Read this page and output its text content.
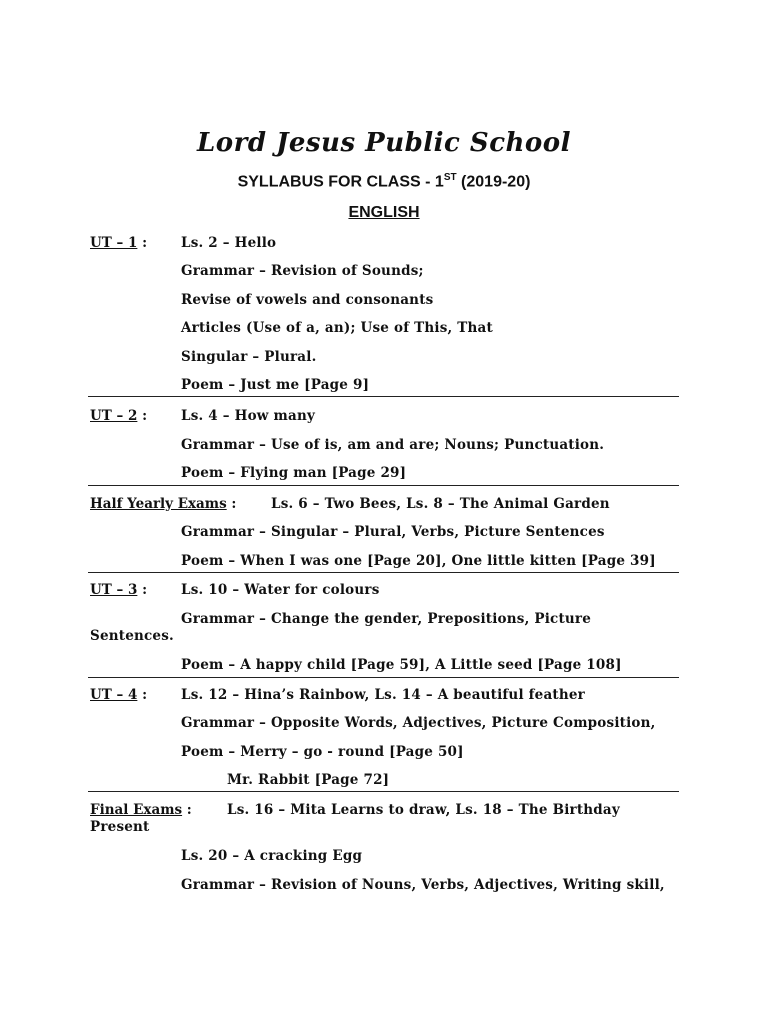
Lord Jesus Public School
SYLLABUS FOR CLASS - 1ST (2019-20)
ENGLISH
UT – 1 :	Ls. 2 – Hello
Grammar – Revision of Sounds;
Revise of vowels and consonants
Articles (Use of a, an); Use of This, That
Singular – Plural.
Poem – Just me [Page 9]
UT – 2 :	Ls. 4 – How many
Grammar – Use of is, am and are; Nouns; Punctuation.
Poem – Flying man [Page 29]
Half Yearly Exams :	Ls. 6 – Two Bees, Ls. 8 – The Animal Garden
Grammar – Singular – Plural, Verbs, Picture Sentences
Poem – When I was one [Page 20], One little kitten [Page 39]
UT – 3 :	Ls. 10 – Water for colours
Grammar – Change the gender, Prepositions, Picture
Sentences.
Poem – A happy child [Page 59], A Little seed [Page 108]
UT – 4 :	Ls. 12 – Hina’s Rainbow, Ls. 14 – A beautiful feather
Grammar – Opposite Words, Adjectives, Picture Composition,
Poem – Merry – go - round [Page 50]
Mr. Rabbit [Page 72]
Final Exams :	Ls. 16 – Mita Learns to draw, Ls. 18 – The Birthday
Present
Ls. 20 – A cracking Egg
Grammar – Revision of Nouns, Verbs, Adjectives, Writing skill,
